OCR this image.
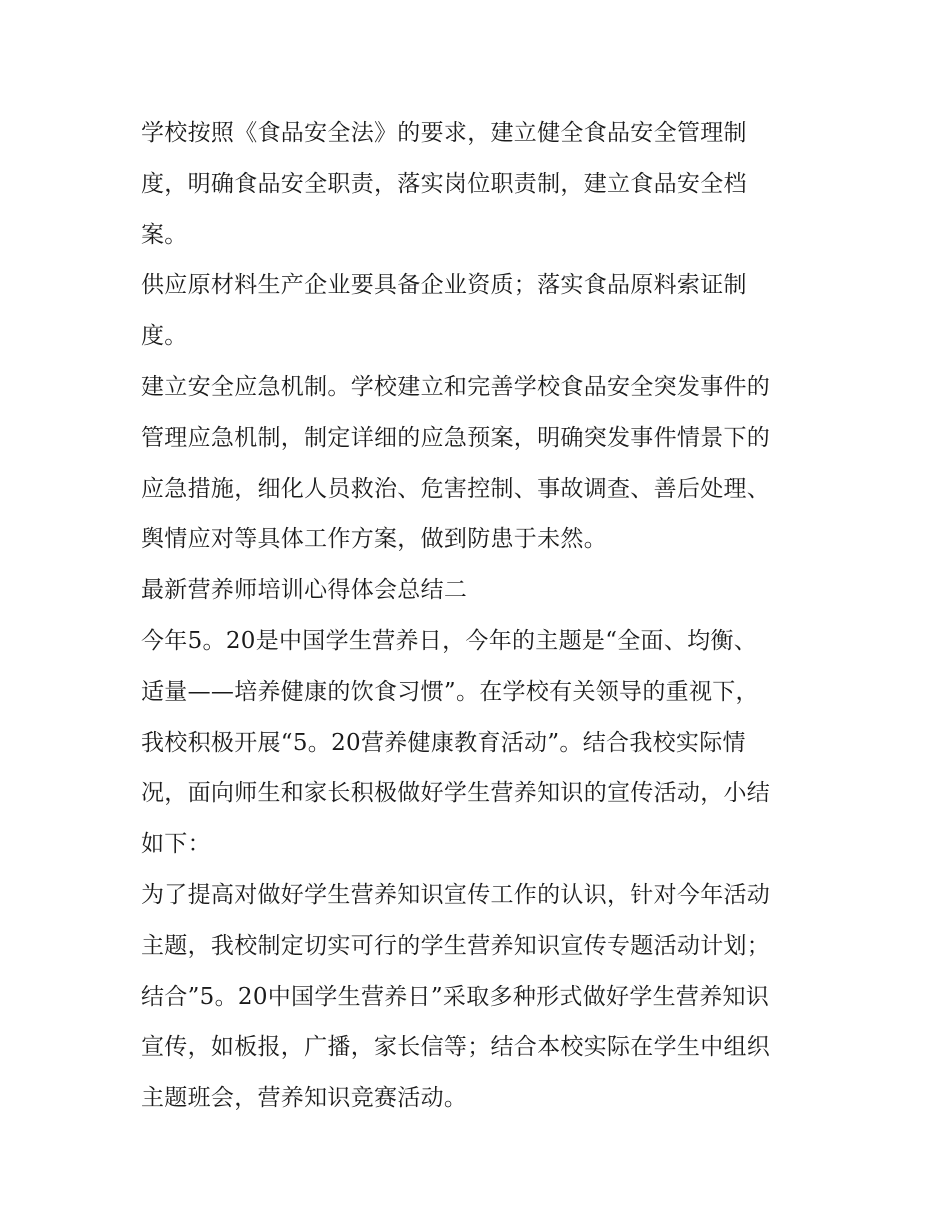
学校按照《食品安全法》的要求，建立健全食品安全管理制
度，明确食品安全职责，落实岗位职责制，建立食品安全档
案。
供应原材料生产企业要具备企业资质；落实食品原料索证制
度。
建立安全应急机制。学校建立和完善学校食品安全突发事件的
管理应急机制，制定详细的应急预案，明确突发事件情景下的
应急措施，细化人员救治、危害控制、事故调查、善后处理、
舆情应对等具体工作方案，做到防患于未然。
最新营养师培训心得体会总结二
今年5。20是中国学生营养日，今年的主题是“全面、均衡、
适量——培养健康的饮食习惯”。在学校有关领导的重视下，
我校积极开展“5。20营养健康教育活动”。结合我校实际情
况，面向师生和家长积极做好学生营养知识的宣传活动，小结
如下：
为了提高对做好学生营养知识宣传工作的认识，针对今年活动
主题，我校制定切实可行的学生营养知识宣传专题活动计划；
结合”5。20中国学生营养日”采取多种形式做好学生营养知识
宣传，如板报，广播，家长信等；结合本校实际在学生中组织
主题班会，营养知识竞赛活动。
